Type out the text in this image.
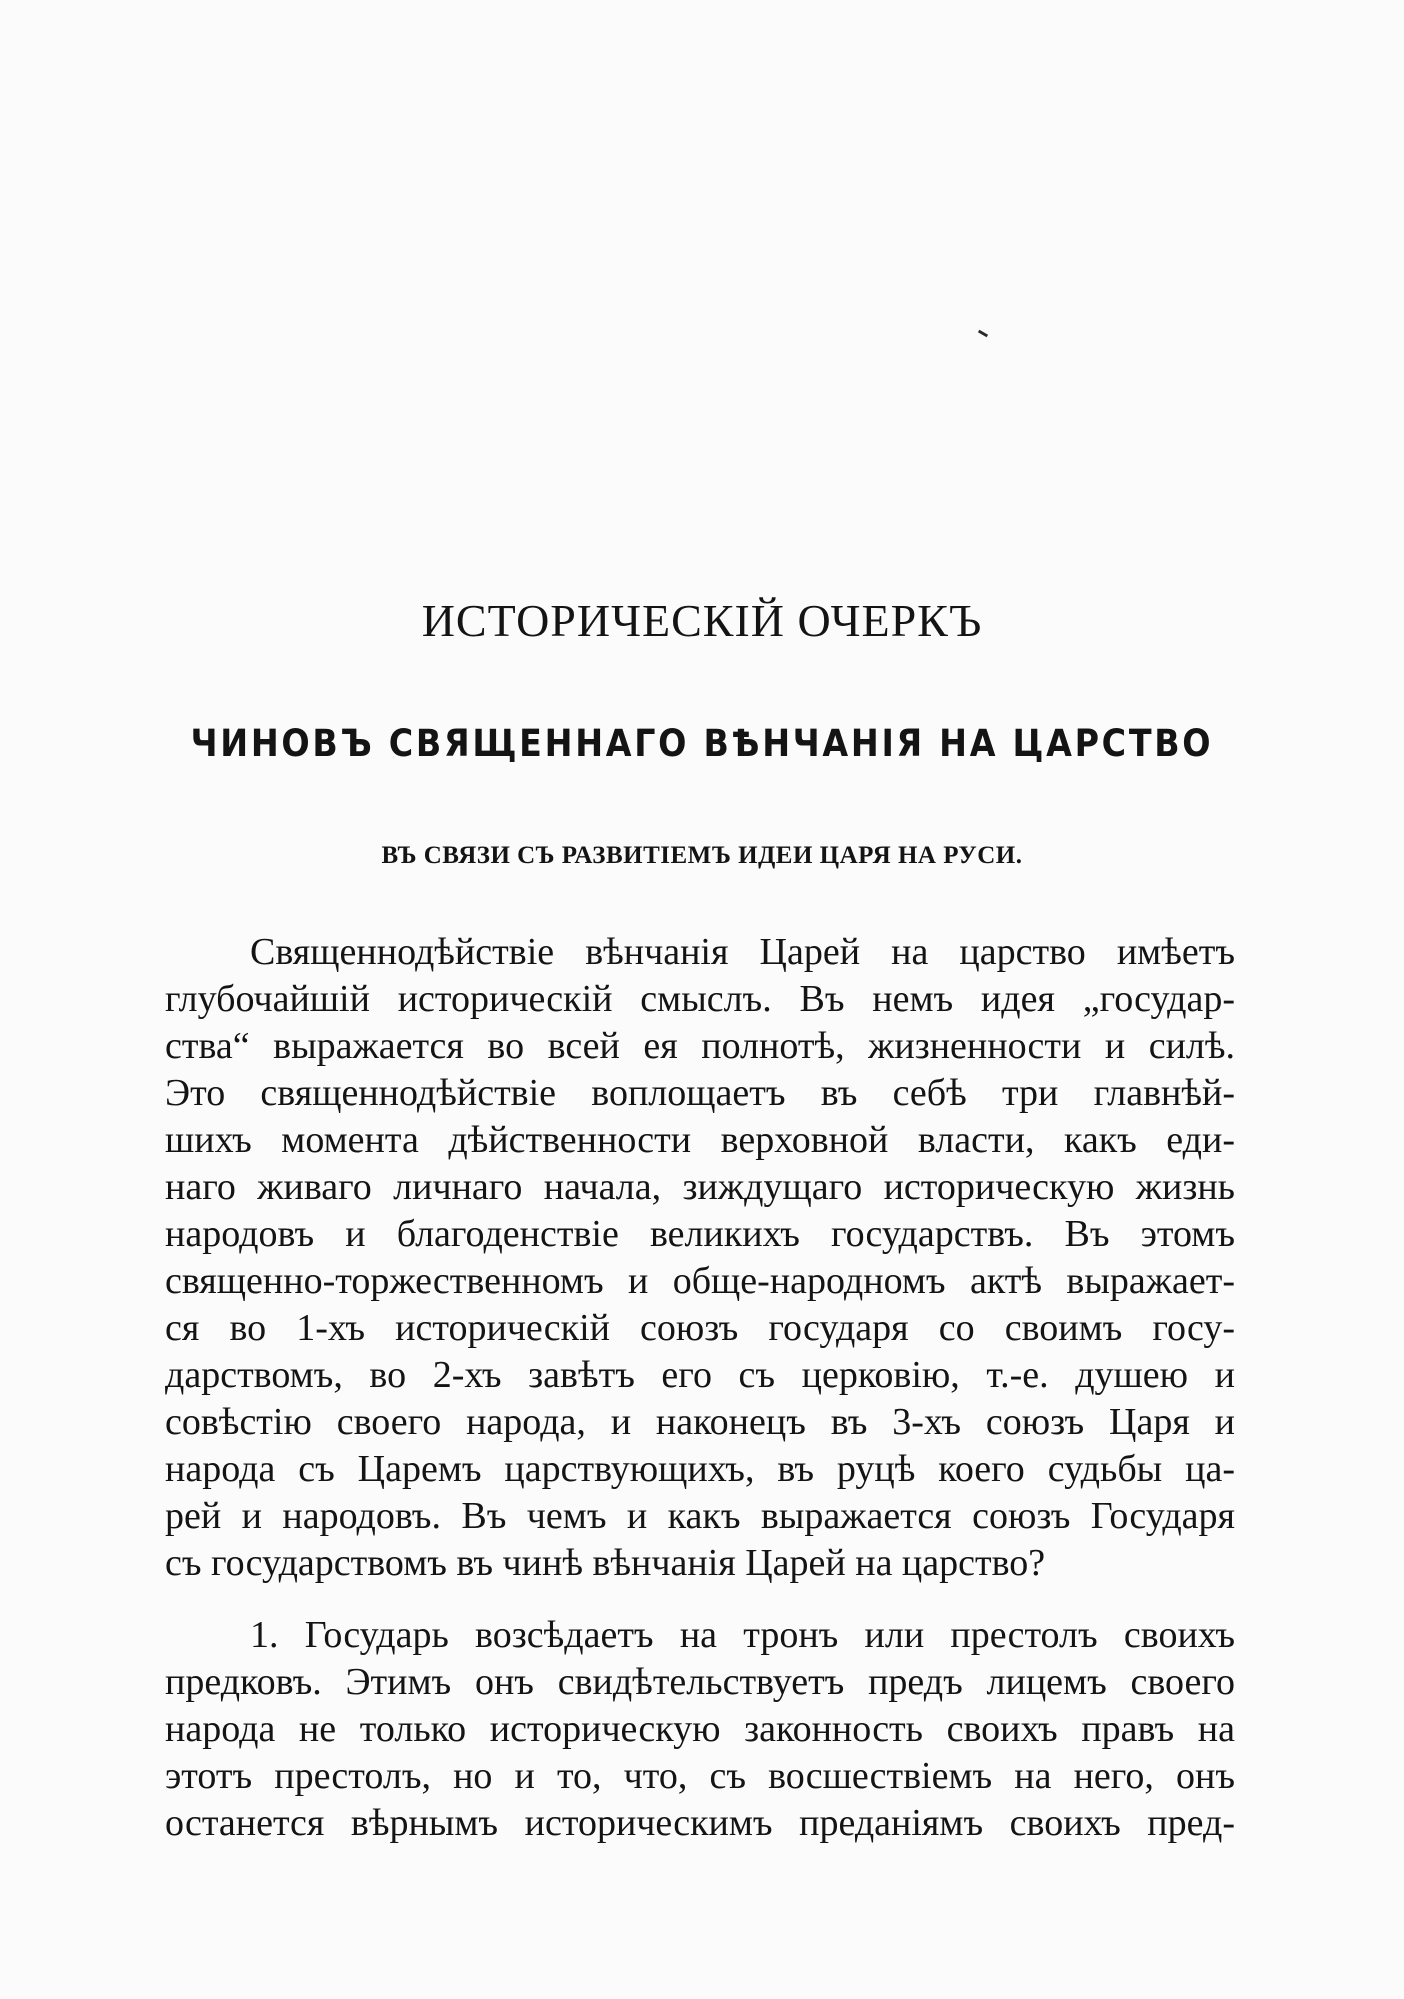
ИСТОРИЧЕСКІЙ ОЧЕРКЪ
ЧИНОВЪ СВЯЩЕННАГО ВѢНЧАНІЯ НА ЦАРСТВО
ВЪ СВЯЗИ СЪ РАЗВИТІЕМЪ ИДЕИ ЦАРЯ НА РУСИ.
Священнодѣйствіе вѣнчанія Царей на царство имѣетъ
глубочайшій историческій смыслъ. Въ немъ идея „государ-
ства“ выражается во всей ея полнотѣ, жизненности и силѣ.
Это священнодѣйствіе воплощаетъ въ себѣ три главнѣй-
шихъ момента дѣйственности верховной власти, какъ еди-
наго живаго личнаго начала, зиждущаго историческую жизнь
народовъ и благоденствіе великихъ государствъ. Въ этомъ
священно-торжественномъ и обще-народномъ актѣ выражает-
ся во 1-хъ историческій союзъ государя со своимъ госу-
дарствомъ, во 2-хъ завѣтъ его съ церковію, т.-е. душею и
совѣстію своего народа, и наконецъ въ 3-хъ союзъ Царя и
народа съ Царемъ царствующихъ, въ руцѣ коего судьбы ца-
рей и народовъ. Въ чемъ и какъ выражается союзъ Государя
съ государствомъ въ чинѣ вѣнчанія Царей на царство?
1. Государь возсѣдаетъ на тронъ или престолъ своихъ
предковъ. Этимъ онъ свидѣтельствуетъ предъ лицемъ своего
народа не только историческую законность своихъ правъ на
этотъ престолъ, но и то, что, съ восшествіемъ на него, онъ
останется вѣрнымъ историческимъ преданіямъ своихъ пред-
